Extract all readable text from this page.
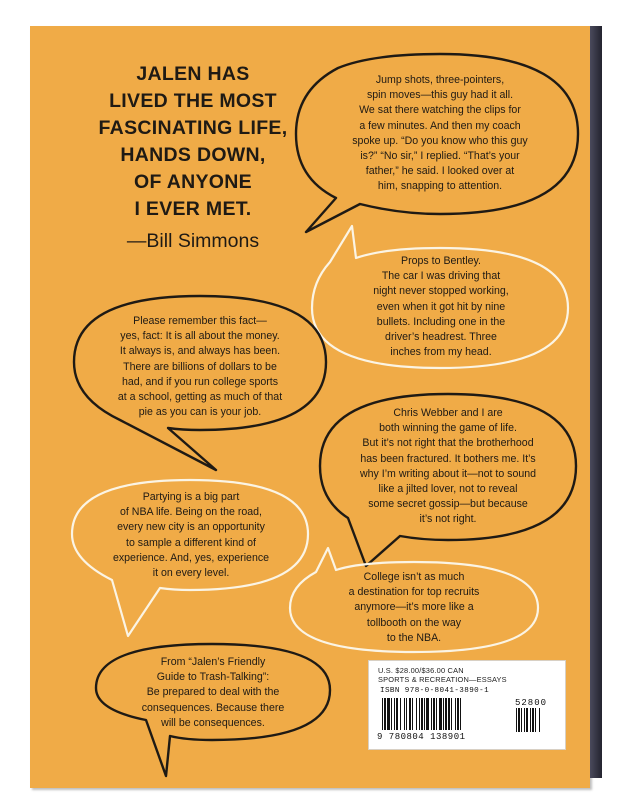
JALEN HAS

LIVED THE MOST

FASCINATING LIFE,

HANDS DOWN,

OF ANYONE

I EVER MET.

—Bill Simmons

Jump shots, three-pointers,
spin moves—this guy had it all.
We sat there watching the clips for
a few minutes. And then my coach
spoke up. “Do you know who this guy
is?” “No sir,” I replied. “That’s your
father,” he said. I looked over at
him, snapping to attention.
Props to Bentley.
The car I was driving that
night never stopped working,
even when it got hit by nine
bullets. Including one in the
driver’s headrest. Three
inches from my head.
Please remember this fact—
yes, fact: It is all about the money.
It always is, and always has been.
There are billions of dollars to be
had, and if you run college sports
at a school, getting as much of that
pie as you can is your job.	Chris Webber and I are
both winning the game of life.
But it’s not right that the brotherhood
has been fractured. It bothers me. It’s
why I’m writing about it—not to sound
like a jilted lover, not to reveal
some secret gossip—but because
it’s not right.
Partying is a big part
of NBA life. Being on the road,
every new city is an opportunity
to sample a different kind of
experience. And, yes, experience
it on every level.	College isn’t as much
a destination for top recruits
anymore—it’s more like a
tollbooth on the way
to the NBA.
From “Jalen’s Friendly
Guide to Trash-Talking”:
Be prepared to deal with the
consequences. Because there
will be consequences.
U.S. $28.00/$36.00 CAN
SPORTS & RECREATION—ESSAYS
ISBN 978-0-8041-3890-1
52800
9 780804 138901
